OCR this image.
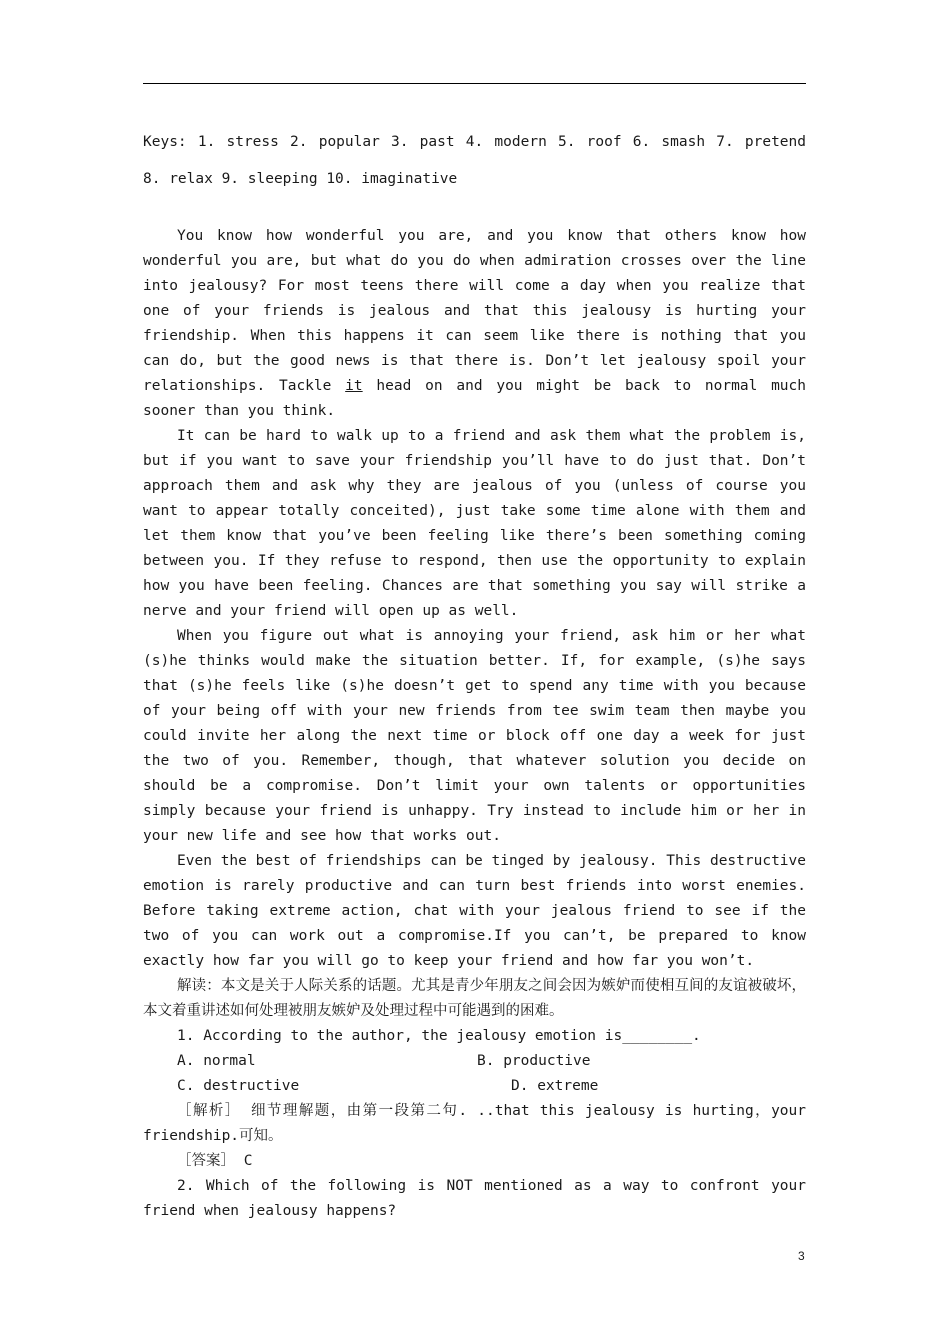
Keys: 1. stress 2. popular 3. past 4. modern 5. roof 6. smash 7. pretend
8. relax 9. sleeping 10. imaginative

You know how wonderful you are, and you know that others know how wonderful you are, but what do you do when admiration crosses over the line into jealousy? For most teens there will come a day when you realize that one of your friends is jealous and that this jealousy is hurting your friendship. When this happens it can seem like there is nothing that you can do, but the good news is that there is. Don’t let jealousy spoil your relationships. Tackle it head on and you might be back to normal much sooner than you think.

It can be hard to walk up to a friend and ask them what the problem is, but if you want to save your friendship you’ll have to do just that. Don’t approach them and ask why they are jealous of you (unless of course you want to appear totally conceited), just take some time alone with them and let them know that you’ve been feeling like there’s been something coming between you. If they refuse to respond, then use the opportunity to explain how you have been feeling. Chances are that something you say will strike a nerve and your friend will open up as well.

When you figure out what is annoying your friend, ask him or her what (s)he thinks would make the situation better. If, for example, (s)he says that (s)he feels like (s)he doesn’t get to spend any time with you because of your being off with your new friends from tee swim team then maybe you could invite her along the next time or block off one day a week for just the two of you. Remember, though, that whatever solution you decide on should be a compromise. Don’t limit your own talents or opportunities simply because your friend is unhappy. Try instead to include him or her in your new life and see how that works out.

Even the best of friendships can be tinged by jealousy. This destructive emotion is rarely productive and can turn best friends into worst enemies. Before taking extreme action, chat with your jealous friend to see if the two of you can work out a compromise.If you can’t, be prepared to know exactly how far you will go to keep your friend and how far you won’t.

解读：本文是关于人际关系的话题。尤其是青少年朋友之间会因为嫉妒而使相互间的友谊被破坏，本文着重讲述如何处理被朋友嫉妒及处理过程中可能遇到的困难。

1. According to the author, the jealousy emotion is________.

A. normal	B. productive
C. destructive	D. extreme

［解析］ 细节理解题，由第一段第二句. ..that this jealousy is hurting，your friendship.可知。

［答案］ C

2. Which of the following is NOT mentioned as a way to confront your friend when jealousy happens?

3
